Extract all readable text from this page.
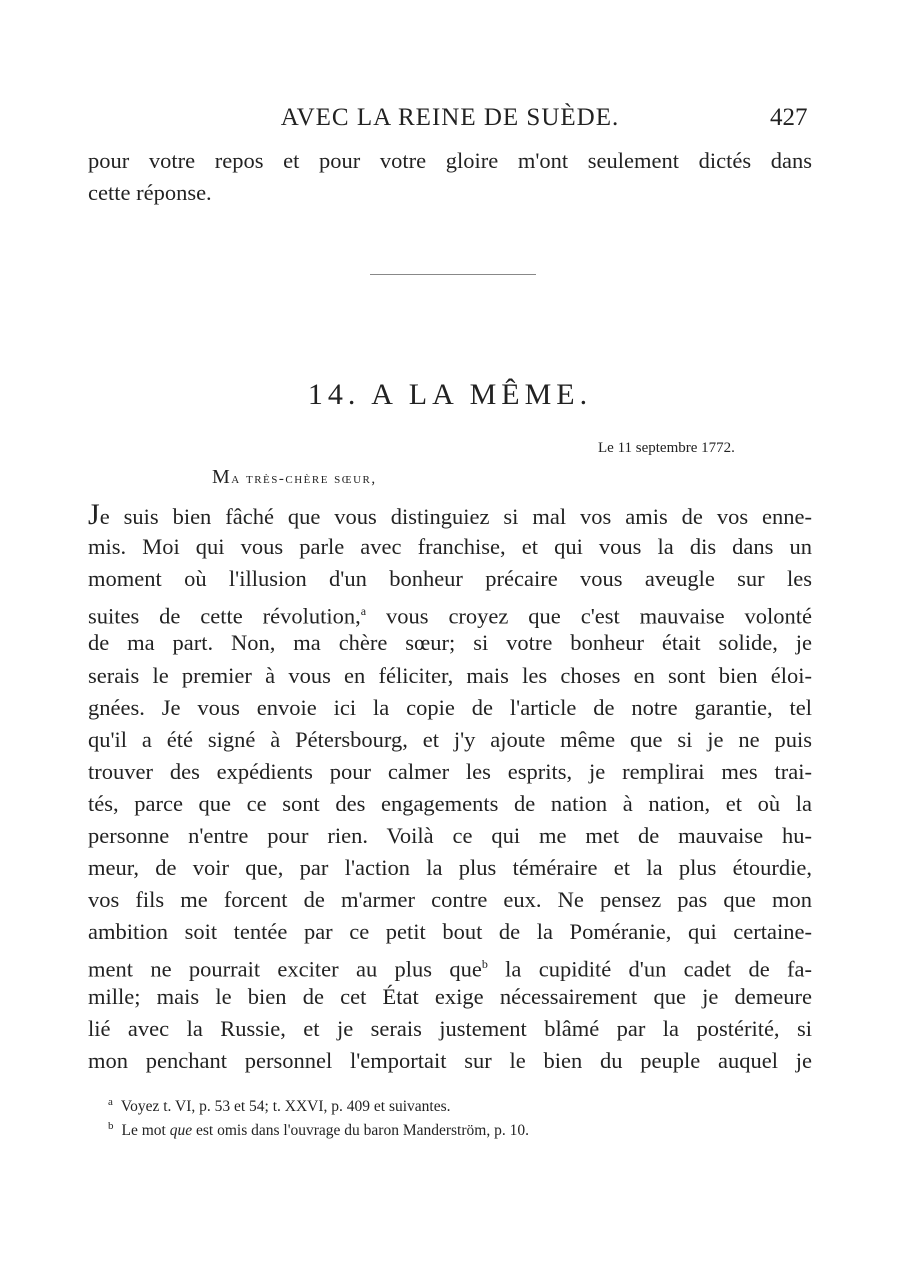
AVEC LA REINE DE SUÈDE.	427
pour votre repos et pour votre gloire m'ont seulement dictés dans
cette réponse.
14. A LA MÊME.
Le 11 septembre 1772.
Ma très-chère sœur,
Je suis bien fâché que vous distinguiez si mal vos amis de vos enne-
mis. Moi qui vous parle avec franchise, et qui vous la dis dans un
moment où l'illusion d'un bonheur précaire vous aveugle sur les
suites de cette révolution,$^a$ vous croyez que c'est mauvaise volonté
de ma part. Non, ma chère sœur; si votre bonheur était solide, je
serais le premier à vous en féliciter, mais les choses en sont bien éloi-
gnées. Je vous envoie ici la copie de l'article de notre garantie, tel
qu'il a été signé à Pétersbourg, et j'y ajoute même que si je ne puis
trouver des expédients pour calmer les esprits, je remplirai mes trai-
tés, parce que ce sont des engagements de nation à nation, et où la
personne n'entre pour rien. Voilà ce qui me met de mauvaise hu-
meur, de voir que, par l'action la plus téméraire et la plus étourdie,
vos fils me forcent de m'armer contre eux. Ne pensez pas que mon
ambition soit tentée par ce petit bout de la Poméranie, qui certaine-
ment ne pourrait exciter au plus que$^b$ la cupidité d'un cadet de fa-
mille; mais le bien de cet État exige nécessairement que je demeure
lié avec la Russie, et je serais justement blâmé par la postérité, si
mon penchant personnel l'emportait sur le bien du peuple auquel je
$^a$ Voyez t. VI, p. 53 et 54; t. XXVI, p. 409 et suivantes.
$^b$ Le mot que est omis dans l'ouvrage du baron Manderström, p. 10.
